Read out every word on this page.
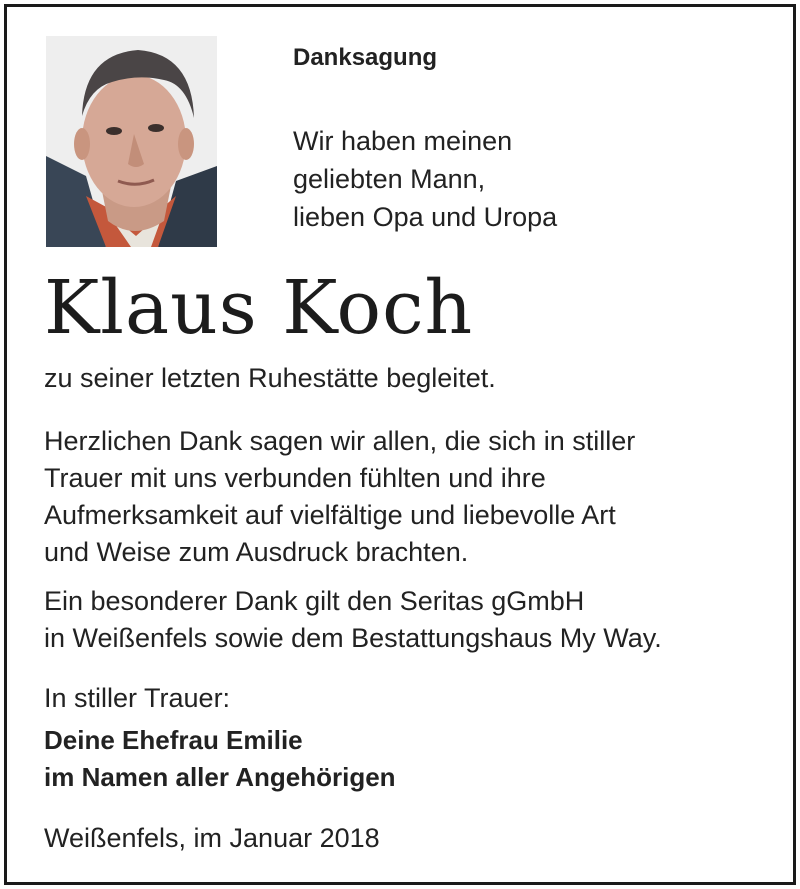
Danksagung
Wir haben meinen
geliebten Mann,
lieben Opa und Uropa
Klaus Koch
zu seiner letzten Ruhestätte begleitet.
Herzlichen Dank sagen wir allen, die sich in stiller
Trauer mit uns verbunden fühlten und ihre
Aufmerksamkeit auf vielfältige und liebevolle Art
und Weise zum Ausdruck brachten.
Ein besonderer Dank gilt den Seritas gGmbH
in Weißenfels sowie dem Bestattungshaus My Way.
In stiller Trauer:
Deine Ehefrau Emilie
im Namen aller Angehörigen
Weißenfels, im Januar 2018
